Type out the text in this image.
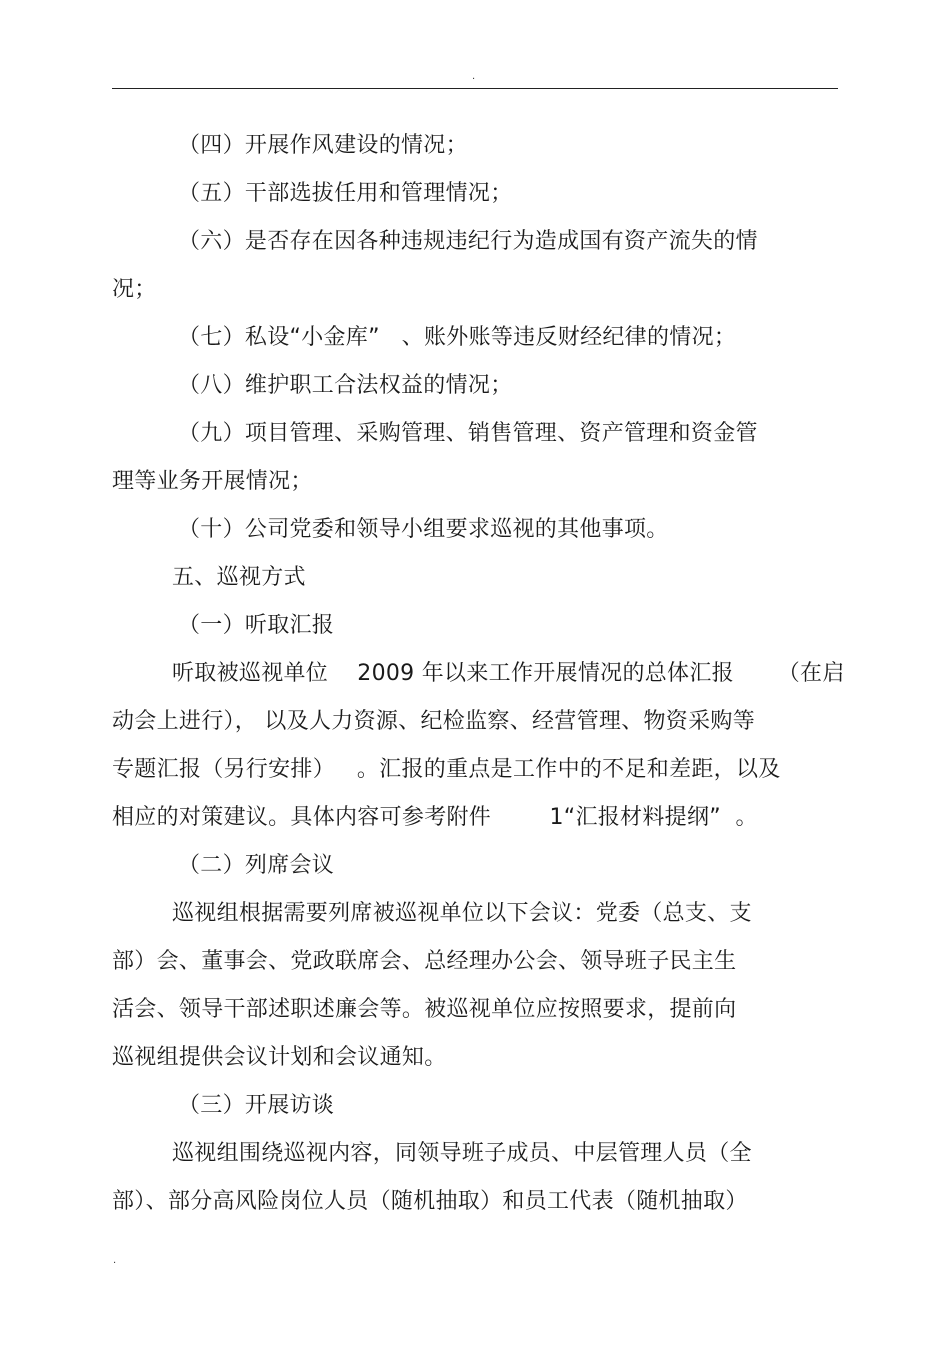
.
（四）开展作风建设的情况；
（五）干部选拔任用和管理情况；
（六）是否存在因各种违规违纪行为造成国有资产流失的情
况；
（七）私设“小金库”   、账外账等违反财经纪律的情况；
（八）维护职工合法权益的情况；
（九）项目管理、采购管理、销售管理、资产管理和资金管
理等业务开展情况；
（十）公司党委和领导小组要求巡视的其他事项。
五、巡视方式
（一）听取汇报
听取被巡视单位    2009 年以来工作开展情况的总体汇报      （在启
动会上进行）， 以及人力资源、纪检监察、经营管理、物资采购等
专题汇报（另行安排）   。汇报的重点是工作中的不足和差距，以及
相应的对策建议。具体内容可参考附件        1“汇报材料提纲”  。
（二）列席会议
巡视组根据需要列席被巡视单位以下会议：党委（总支、支
部）会、董事会、党政联席会、总经理办公会、领导班子民主生
活会、领导干部述职述廉会等。被巡视单位应按照要求，提前向
巡视组提供会议计划和会议通知。
（三）开展访谈
巡视组围绕巡视内容，同领导班子成员、中层管理人员（全
部）、部分高风险岗位人员（随机抽取）和员工代表（随机抽取）
.
